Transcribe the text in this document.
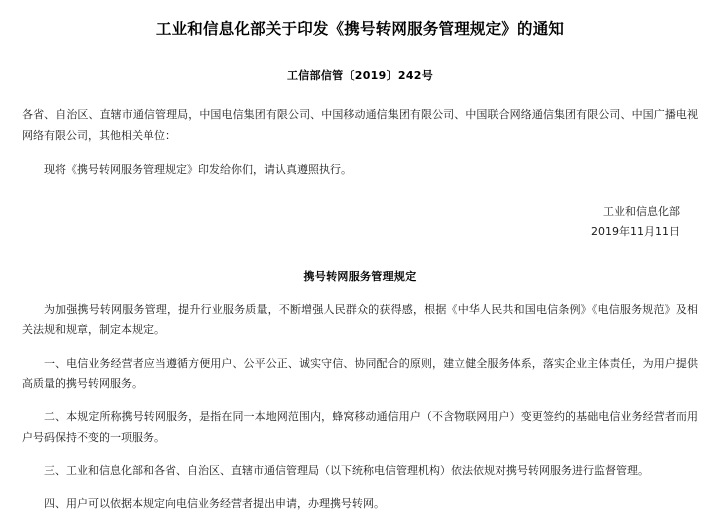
工业和信息化部关于印发《携号转网服务管理规定》的通知
工信部信管〔2019〕242号

各省、自治区、直辖市通信管理局，中国电信集团有限公司、中国移动通信集团有限公司、中国联合网络通信集团有限公司、中国广播电视网络有限公司，其他相关单位：

现将《携号转网服务管理规定》印发给你们，请认真遵照执行。

工业和信息化部
2019年11月11日
携号转网服务管理规定

为加强携号转网服务管理，提升行业服务质量，不断增强人民群众的获得感，根据《中华人民共和国电信条例》《电信服务规范》及相关法规和规章，制定本规定。

一、电信业务经营者应当遵循方便用户、公平公正、诚实守信、协同配合的原则，建立健全服务体系，落实企业主体责任，为用户提供高质量的携号转网服务。

二、本规定所称携号转网服务，是指在同一本地网范围内，蜂窝移动通信用户（不含物联网用户）变更签约的基础电信业务经营者而用户号码保持不变的一项服务。

三、工业和信息化部和各省、自治区、直辖市通信管理局（以下统称电信管理机构）依法依规对携号转网服务进行监督管理。

四、用户可以依据本规定向电信业务经营者提出申请，办理携号转网。
